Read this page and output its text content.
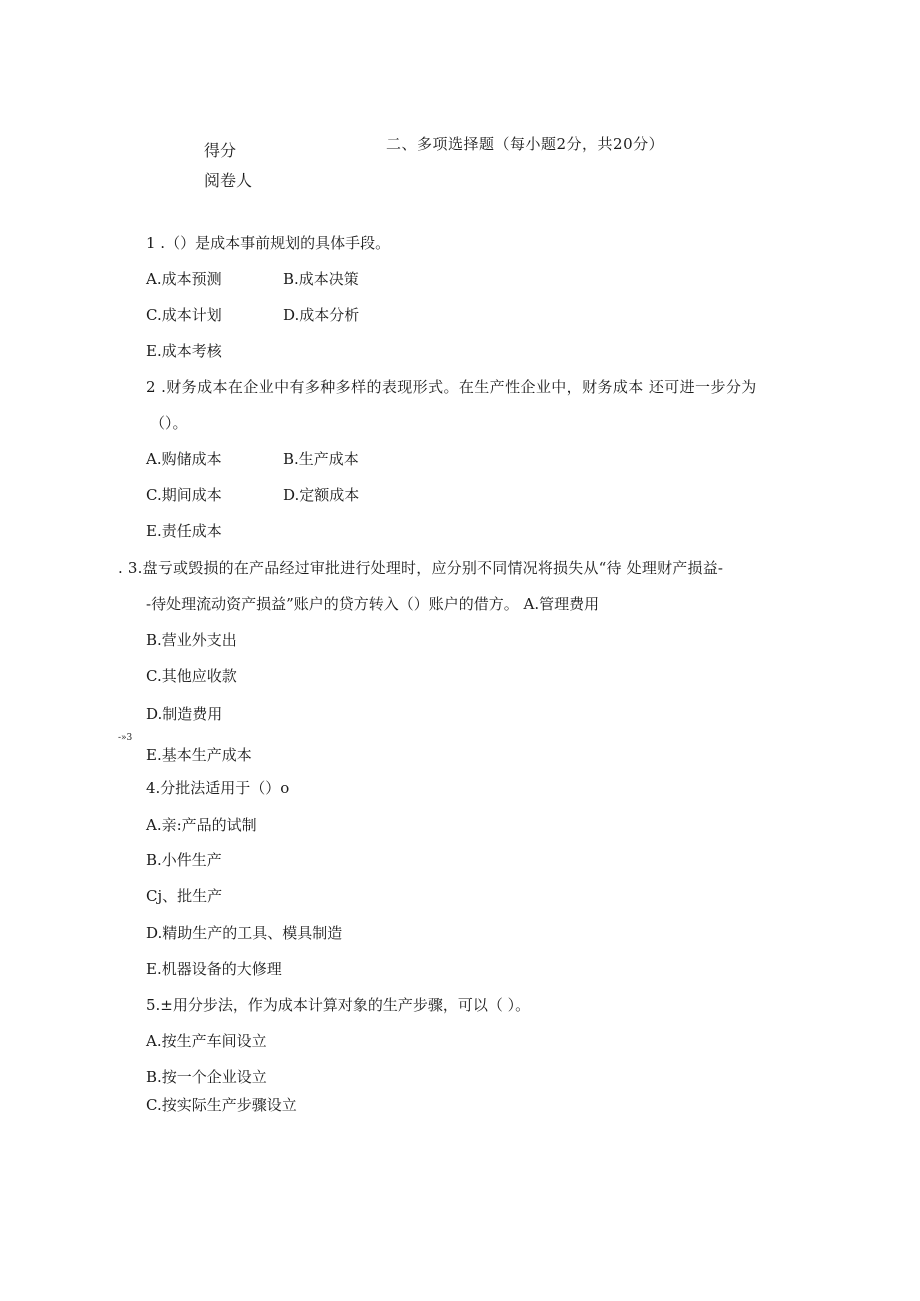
得分
阅卷人
二、多项选择题（每小题2分，共20分）
1 .（）是成本事前规划的具体手段。
A.成本预测	B.成本决策
C.成本计划	D.成本分析
E.成本考核
2 .财务成本在企业中有多种多样的表现形式。在生产性企业中，财务成本 还可进一步分为
（）。
A.购储成本	B.生产成本
C.期间成本	D.定额成本
E.责任成本
. 3.盘亏或毁损的在产品经过审批进行处理时，应分别不同情况将损失从“待 处理财产损益-
-待处理流动资产损益”账户的贷方转入（）账户的借方。 A.管理费用
B.营业外支出
C.其他应收款
D.制造费用
-»3
E.基本生产成本
4.分批法适用于（）o
A.亲:产品的试制
B.小件生产
Cj、批生产
D.精助生产的工具、模具制造
E.机器设备的大修理
5.±用分步法，作为成本计算对象的生产步骤，可以（ ）。
A.按生产车间设立
B.按一个企业设立
C.按实际生产步骤设立
